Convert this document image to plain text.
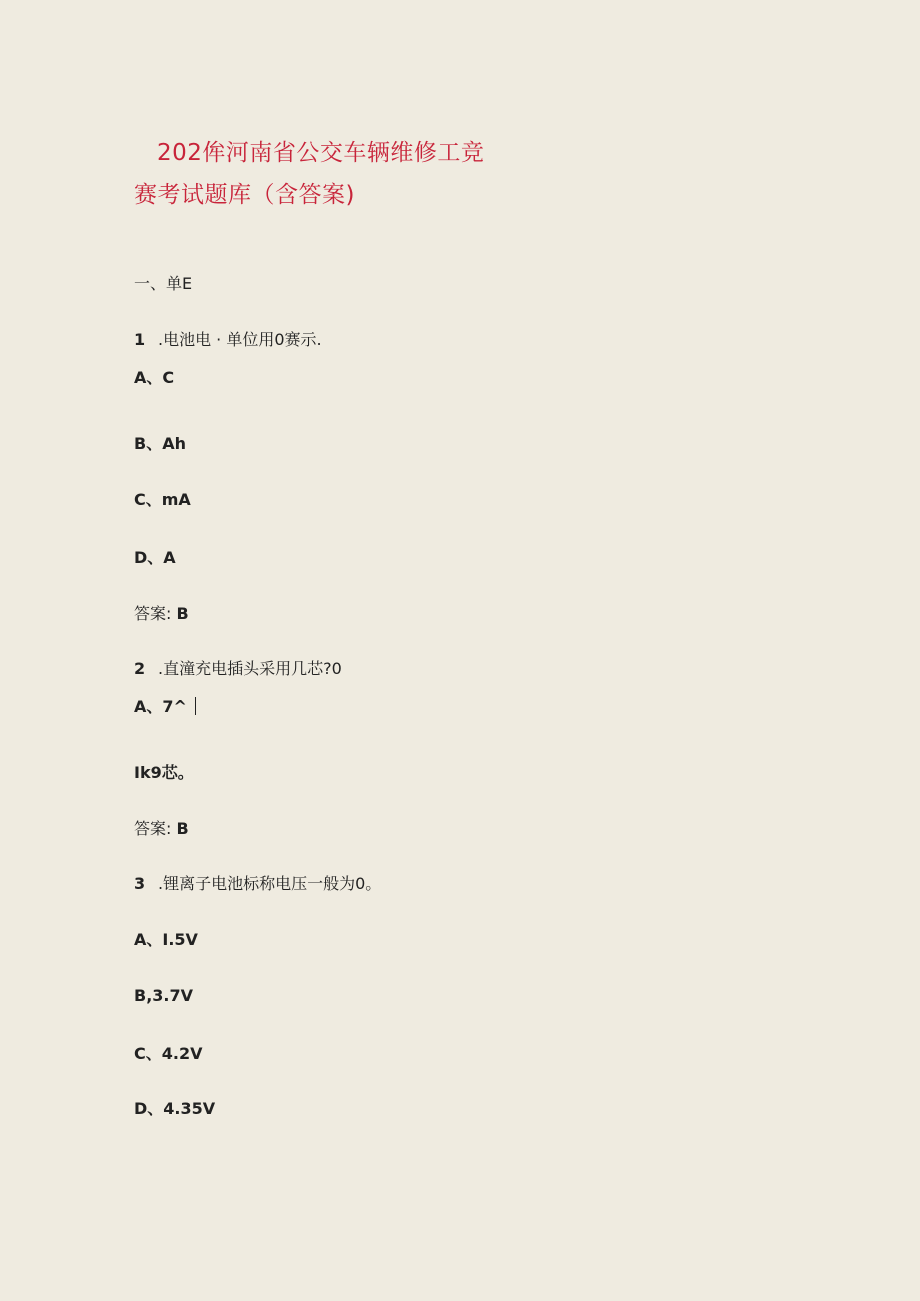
202侔河南省公交车辆维修工竞
赛考试题库（含答案)
一、单E
1 .电池电 · 单位用0赛示.
A、C
B、Ah
C、mA
D、A
答案: B
2 .直潼充电插头采用几芯?0
A、7^
Ik9芯。
答案: B
3 .锂离子电池标称电压一般为0。
A、I.5V
B,3.7V
C、4.2V
D、4.35V
